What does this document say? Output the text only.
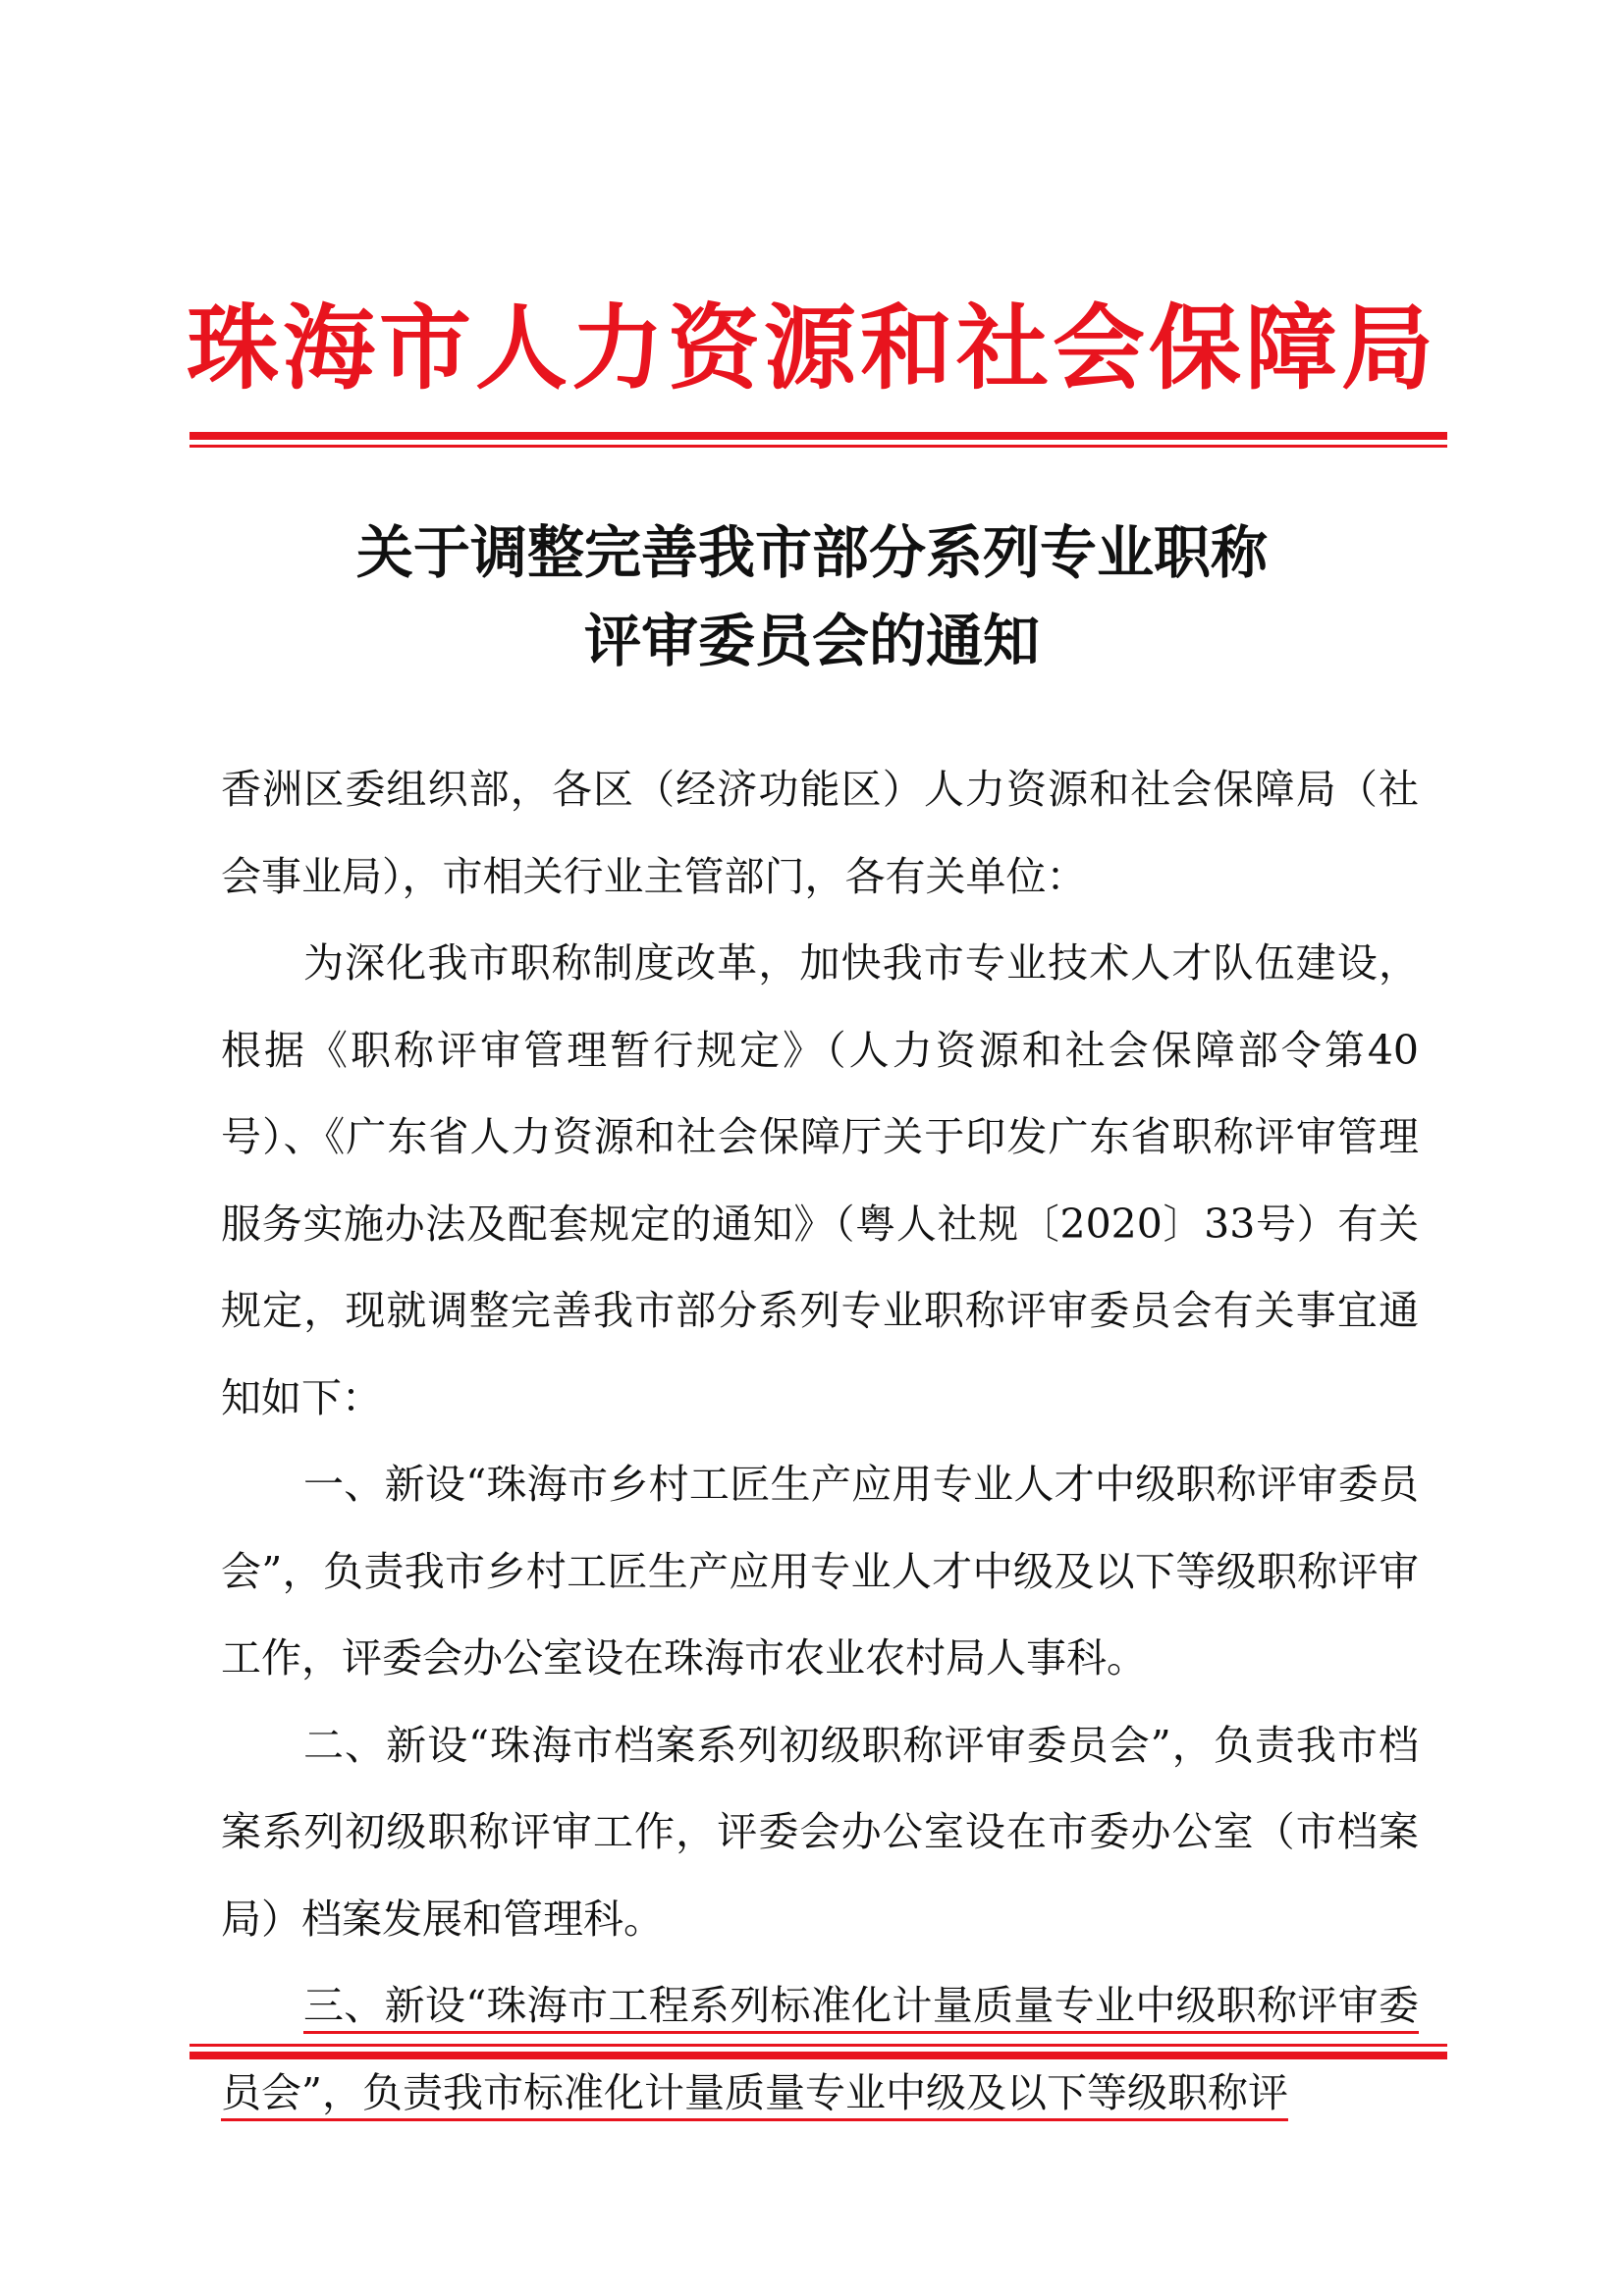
珠海市人力资源和社会保障局
关于调整完善我市部分系列专业职称
评审委员会的通知

香洲区委组织部，各区（经济功能区）人力资源和社会保障局（社会事业局），市相关行业主管部门，各有关单位：

为深化我市职称制度改革，加快我市专业技术人才队伍建设，根据《职称评审管理暂行规定》（人力资源和社会保障部令第40号）、《广东省人力资源和社会保障厅关于印发广东省职称评审管理服务实施办法及配套规定的通知》（粤人社规〔2020〕33号）有关规定，现就调整完善我市部分系列专业职称评审委员会有关事宜通知如下：

一、新设“珠海市乡村工匠生产应用专业人才中级职称评审委员会”，负责我市乡村工匠生产应用专业人才中级及以下等级职称评审工作，评委会办公室设在珠海市农业农村局人事科。

二、新设“珠海市档案系列初级职称评审委员会”，负责我市档案系列初级职称评审工作，评委会办公室设在市委办公室（市档案局）档案发展和管理科。

三、新设“珠海市工程系列标准化计量质量专业中级职称评审委员会”，负责我市标准化计量质量专业中级及以下等级职称评
